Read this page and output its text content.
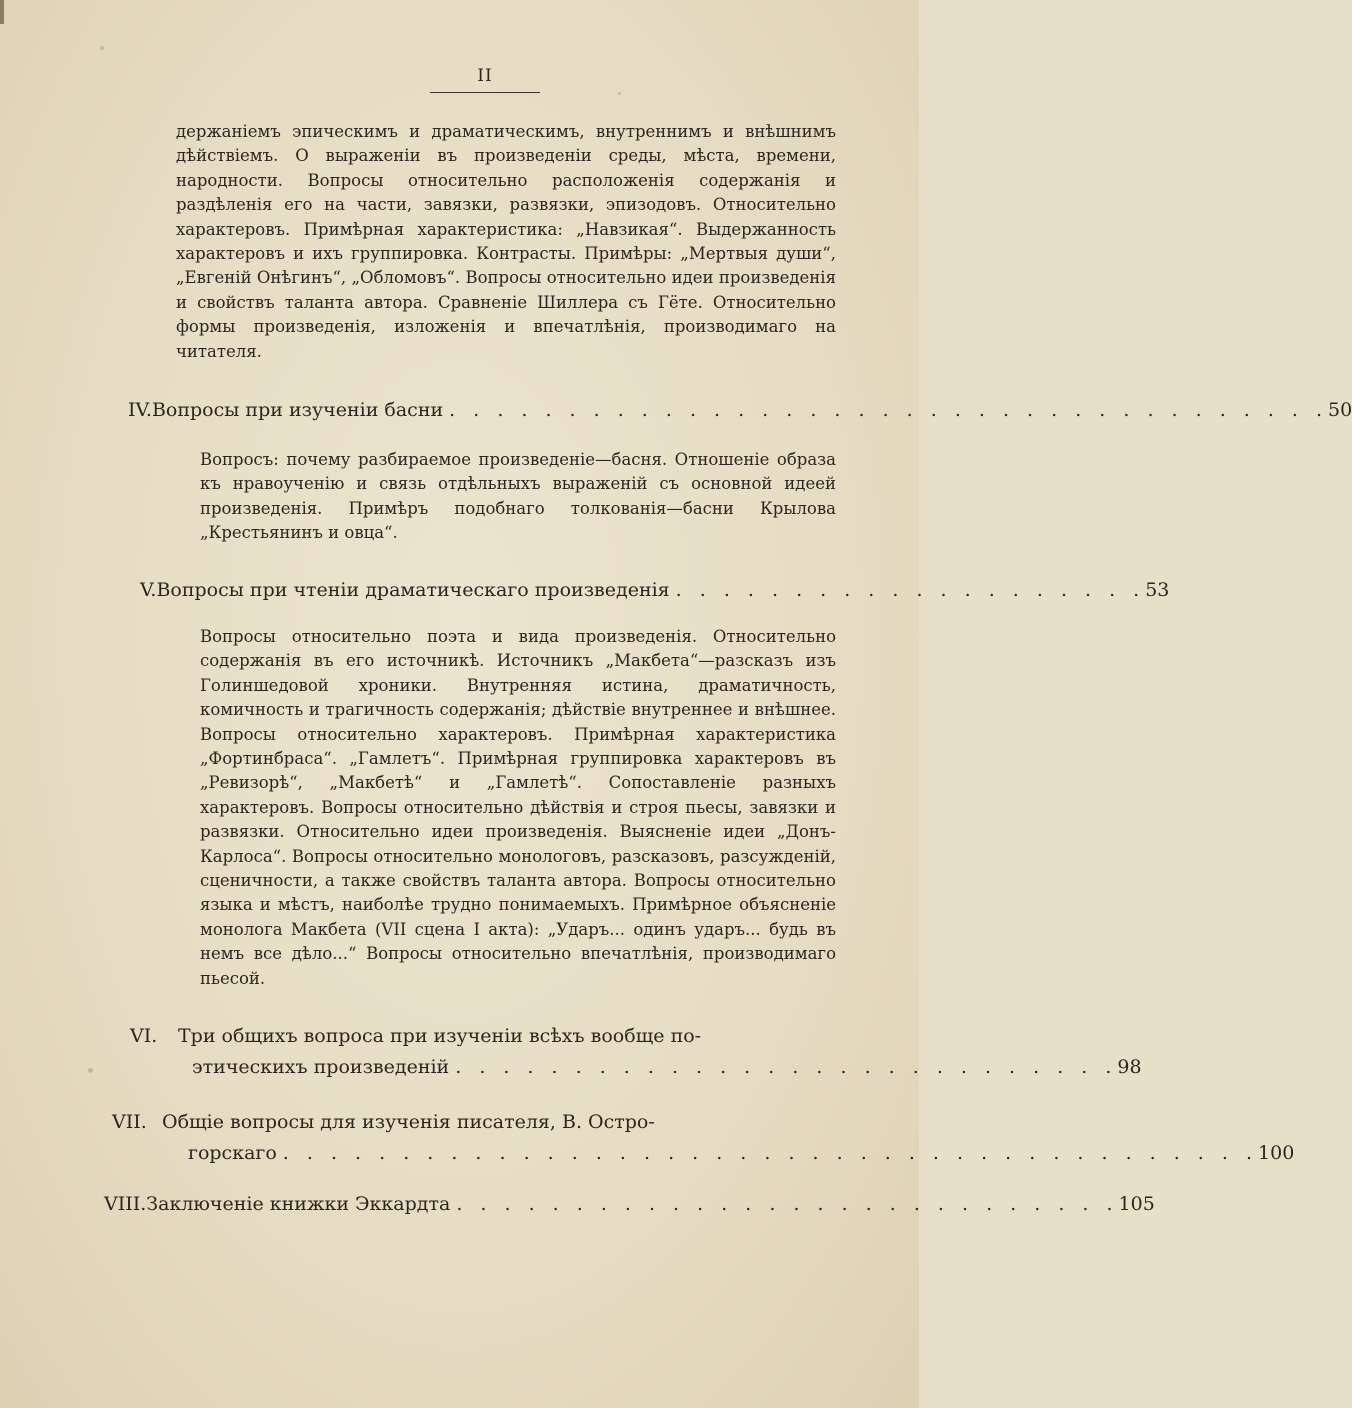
II

держаніемъ эпическимъ и драматическимъ, внутреннимъ и внѣшнимъ дѣйствіемъ. О выраженіи въ произведеніи среды, мѣста, времени, народности. Вопросы относительно расположенія содержанія и раздѣленія его на части, завязки, развязки, эпизодовъ. Относительно характеровъ. Примѣрная характеристика: „Навзикая“. Выдержанность характеровъ и ихъ группировка. Контрасты. Примѣры: „Мертвыя души“, „Евгеній Онѣгинъ“, „Обломовъ“. Вопросы относительно идеи произведенія и свойствъ таланта автора. Сравненіе Шиллера съ Гёте. Относительно формы произведенія, изложенія и впечатлѣнія, производимаго на читателя.

IV. Вопросы при изученіи басни . . . . . . . . . . . . . . . . . . . . . . . . . . . . . . . . . . . . . 50

Вопросъ: почему разбираемое произведеніе—басня. Отношеніе образа къ нравоученію и связь отдѣльныхъ выраженій съ основной идеей произведенія. Примѣръ подобнаго толкованія—басни Крылова „Крестьянинъ и овца“.

V. Вопросы при чтеніи драматическаго произведенія . . . . . . . . . . . . . . . . . . . . 53

Вопросы относительно поэта и вида произведенія. Относительно содержанія въ его источникѣ. Источникъ „Макбета“—разсказъ изъ Голиншедовой хроники. Внутренняя истина, драматичность, комичность и трагичность содержанія; дѣйствіе внутреннее и внѣшнее. Вопросы относительно характеровъ. Примѣрная характеристика „Фортинбраса“. „Гамлетъ“. Примѣрная группировка характеровъ въ „Ревизорѣ“, „Макбетѣ“ и „Гамлетѣ“. Сопоставленіе разныхъ характеровъ. Вопросы относительно дѣйствія и строя пьесы, завязки и развязки. Относительно идеи произведенія. Выясненіе идеи „Донъ-Карлоса“. Вопросы относительно монологовъ, разсказовъ, разсужденій, сценичности, а также свойствъ таланта автора. Вопросы относительно языка и мѣстъ, наиболѣе трудно понимаемыхъ. Примѣрное объясненіе монолога Макбета (VII сцена I акта): „Ударъ... одинъ ударъ... будь въ немъ все дѣло...“ Вопросы относительно впечатлѣнія, производимаго пьесой.

VI.	Три общихъ вопроса при изученіи всѣхъ вообще по-
этическихъ произведеній . . . . . . . . . . . . . . . . . . . . . . . . . . . . 98
VII. Общіе вопросы для изученія писателя, В. Остро-
горскаго . . . . . . . . . . . . . . . . . . . . . . . . . . . . . . . . . . . . . . . . . 100
VIII. Заключеніе книжки Эккардта . . . . . . . . . . . . . . . . . . . . . . . . . . . . 105
